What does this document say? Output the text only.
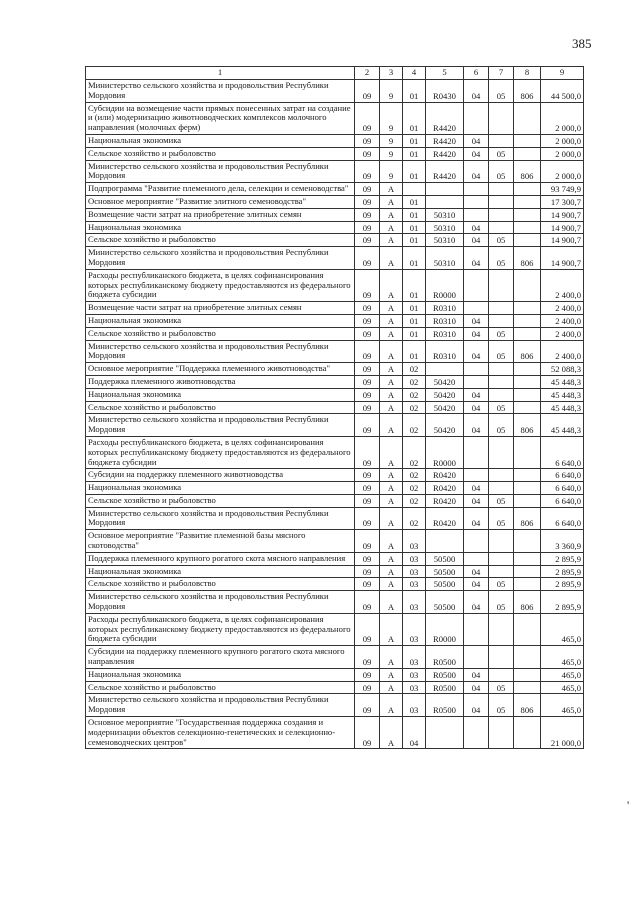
385
1	2	3	4	5	6	7	8	9
Министерство сельского хозяйства и продовольствия Республики Мордовия	09	9	01	R0430	04	05	806	44 500,0
Субсидии на возмещение части прямых понесенных затрат на создание и (или) модернизацию животноводческих комплексов молочного направления (молочных ферм)	09	9	01	R4420				2 000,0
Национальная экономика	09	9	01	R4420	04			2 000,0
Сельское хозяйство и рыболовство	09	9	01	R4420	04	05		2 000,0
Министерство сельского хозяйства и продовольствия Республики Мордовия	09	9	01	R4420	04	05	806	2 000,0
Подпрограмма "Развитие племенного дела, селекции и семеноводства"	09	А						93 749,9
Основное мероприятие "Развитие элитного семеноводства"	09	А	01					17 300,7
Возмещение части затрат на приобретение элитных семян	09	А	01	50310				14 900,7
Национальная экономика	09	А	01	50310	04			14 900,7
Сельское хозяйство и рыболовство	09	А	01	50310	04	05		14 900,7
Министерство сельского хозяйства и продовольствия Республики Мордовия	09	А	01	50310	04	05	806	14 900,7
Расходы республиканского бюджета, в целях софинансирования которых республиканскому бюджету предоставляются из федерального бюджета субсидии	09	А	01	R0000				2 400,0
Возмещение части затрат на приобретение элитных семян	09	А	01	R0310				2 400,0
Национальная экономика	09	А	01	R0310	04			2 400,0
Сельское хозяйство и рыболовство	09	А	01	R0310	04	05		2 400,0
Министерство сельского хозяйства и продовольствия Республики Мордовия	09	А	01	R0310	04	05	806	2 400,0
Основное мероприятие "Поддержка племенного животноводства"	09	А	02					52 088,3
Поддержка племенного животноводства	09	А	02	50420				45 448,3
Национальная экономика	09	А	02	50420	04			45 448,3
Сельское хозяйство и рыболовство	09	А	02	50420	04	05		45 448,3
Министерство сельского хозяйства и продовольствия Республики Мордовия	09	А	02	50420	04	05	806	45 448,3
Расходы республиканского бюджета, в целях софинансирования которых республиканскому бюджету предоставляются из федерального бюджета субсидии	09	А	02	R0000				6 640,0
Субсидии на поддержку племенного животноводства	09	А	02	R0420				6 640,0
Национальная экономика	09	А	02	R0420	04			6 640,0
Сельское хозяйство и рыболовство	09	А	02	R0420	04	05		6 640,0
Министерство сельского хозяйства и продовольствия Республики Мордовия	09	А	02	R0420	04	05	806	6 640,0
Основное мероприятие "Развитие племенной базы мясного скотоводства"	09	А	03					3 360,9
Поддержка племенного крупного рогатого скота мясного направления	09	А	03	50500				2 895,9
Национальная экономика	09	А	03	50500	04			2 895,9
Сельское хозяйство и рыболовство	09	А	03	50500	04	05		2 895,9
Министерство сельского хозяйства и продовольствия Республики Мордовия	09	А	03	50500	04	05	806	2 895,9
Расходы республиканского бюджета, в целях софинансирования которых республиканскому бюджету предоставляются из федерального бюджета субсидии	09	А	03	R0000				465,0
Субсидии на поддержку племенного крупного рогатого скота мясного направления	09	А	03	R0500				465,0
Национальная экономика	09	А	03	R0500	04			465,0
Сельское хозяйство и рыболовство	09	А	03	R0500	04	05		465,0
Министерство сельского хозяйства и продовольствия Республики Мордовия	09	А	03	R0500	04	05	806	465,0
Основное мероприятие "Государственная поддержка создания и модернизации объектов селекционно-генетических и селекционно-семеноводческих центров"	09	А	04					21 000,0
'
